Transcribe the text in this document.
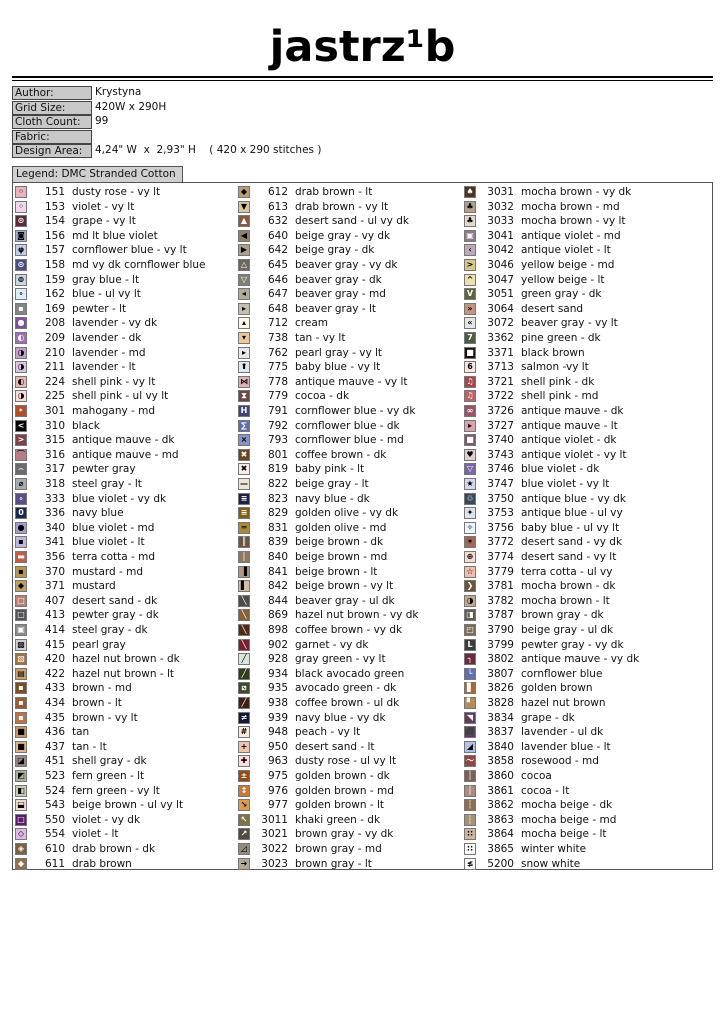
jastrz¹b
Author:	Krystyna
Grid Size:	420W x 290H
Cloth Count:	99
Fabric:
Design Area:	4,24" W  x  2,93" H    ( 420 x 290 stitches )
Legend: DMC Stranded Cotton
◦	151 dusty rose - vy lt
◦	153 violet - vy lt
⊙	154 grape - vy lt
◙	156 md lt blue violet
φ	157 cornflower blue - vy lt
⊙	158 md vy dk cornflower blue
⊚	159 gray blue - lt
∘	162 blue - ul vy lt
▪	169 pewter - lt
●	208 lavender - vy dk
◐	209 lavender - dk
◑	210 lavender - md
◑	211 lavender - lt
◐	224 shell pink - vy lt
◑	225 shell pink - ul vy lt
‣	301 mahogany - md
<	310 black
>	315 antique mauve - dk
⌒	316 antique mauve - md
⌢	317 pewter gray
⌀	318 steel gray - lt
∘	333 blue violet - vy dk
0	336 navy blue
●	340 blue violet - md
▪	341 blue violet - lt
▬	356 terra cotta - md
▪	370 mustard - md
◆	371 mustard
□	407 desert sand - dk
□	413 pewter gray - dk
▣	414 steel gray - dk
▩	415 pearl gray
▧	420 hazel nut brown - dk
▤	422 hazel nut brown - lt
▪	433 brown - md
▪	434 brown - lt
▪	435 brown - vy lt
■	436 tan
■	437 tan - lt
◪	451 shell gray - dk
◩	523 fern green - lt
◧	524 fern green - vy lt
⬓	543 beige brown - ul vy lt
□	550 violet - vy dk
◇	554 violet - lt
◈	610 drab brown - dk
◆	611 drab brown
◆	612 drab brown - lt
▼	613 drab brown - vy lt
▲	632 desert sand - ul vy dk
◀	640 beige gray - vy dk
▶	642 beige gray - dk
△	645 beaver gray - vy dk
▽	646 beaver gray - dk
◂	647 beaver gray - md
▸	648 beaver gray - lt
▴	712 cream
▾	738 tan - vy lt
▸	762 pearl gray - vy lt
⬆	775 baby blue - vy lt
⋈	778 antique mauve - vy lt
⧗	779 cocoa - dk
H	791 cornflower blue - vy dk
∑	792 cornflower blue - dk
×	793 cornflower blue - md
✖	801 coffee brown - dk
✖	819 baby pink - lt
—	822 beige gray - lt
≡	823 navy blue - dk
≡	829 golden olive - vy dk
═	831 golden olive - md
║	839 beige brown - dk
│	840 beige brown - md
▐	841 beige brown - lt
▌	842 beige brown - vy lt
╲	844 beaver gray - ul dk
╲	869 hazel nut brown - vy dk
╲	898 coffee brown - vy dk
╲	902 garnet - vy dk
╱	928 gray green - vy lt
╱	934 black avocado green
⧄	935 avocado green - dk
╱	938 coffee brown - ul dk
≠	939 navy blue - vy dk
#	948 peach - vy lt
+	950 desert sand - lt
✚	963 dusty rose - ul vy lt
±	975 golden brown - dk
↕	976 golden brown - md
↘	977 golden brown - lt
↖	3011 khaki green - dk
↗	3021 brown gray - vy dk
◿	3022 brown gray - md
➔	3023 brown gray - lt
♠	3031 mocha brown - vy dk
♣	3032 mocha brown - md
♣	3033 mocha brown - vy lt
▣	3041 antique violet - md
‹	3042 antique violet - lt
>	3046 yellow beige - md
^	3047 yellow beige - lt
V	3051 green gray - dk
»	3064 desert sand
«	3072 beaver gray - vy lt
7	3362 pine green - dk
■	3371 black brown
6	3713 salmon -vy lt
♫	3721 shell pink - dk
♫	3722 shell pink - md
∞	3726 antique mauve - dk
▸	3727 antique mauve - lt
■	3740 antique violet - dk
♥	3743 antique violet - vy lt
▽	3746 blue violet - dk
★	3747 blue violet - vy lt
♲	3750 antique blue - vy dk
✦	3753 antique blue - ul vy
✧	3756 baby blue - ul vy lt
✶	3772 desert sand - vy dk
⊕	3774 desert sand - vy lt
☆	3779 terra cotta - ul vy
❯	3781 mocha brown - dk
◑	3782 mocha brown - lt
◨	3787 brown gray - dk
◰	3790 beige gray - ul dk
L	3799 pewter gray - vy dk
┐	3802 antique mauve - vy dk
└	3807 cornflower blue
▋	3826 golden brown
▘	3828 hazel nut brown
◥	3834 grape - dk
⬛	3837 lavender - ul dk
◢	3840 lavender blue - lt
〜	3858 rosewood - md
│	3860 cocoa
│	3861 cocoa - lt
┆	3862 mocha beige - dk
┆	3863 mocha beige - md
∷	3864 mocha beige - lt
∷	3865 winter white
≰	5200 snow white
